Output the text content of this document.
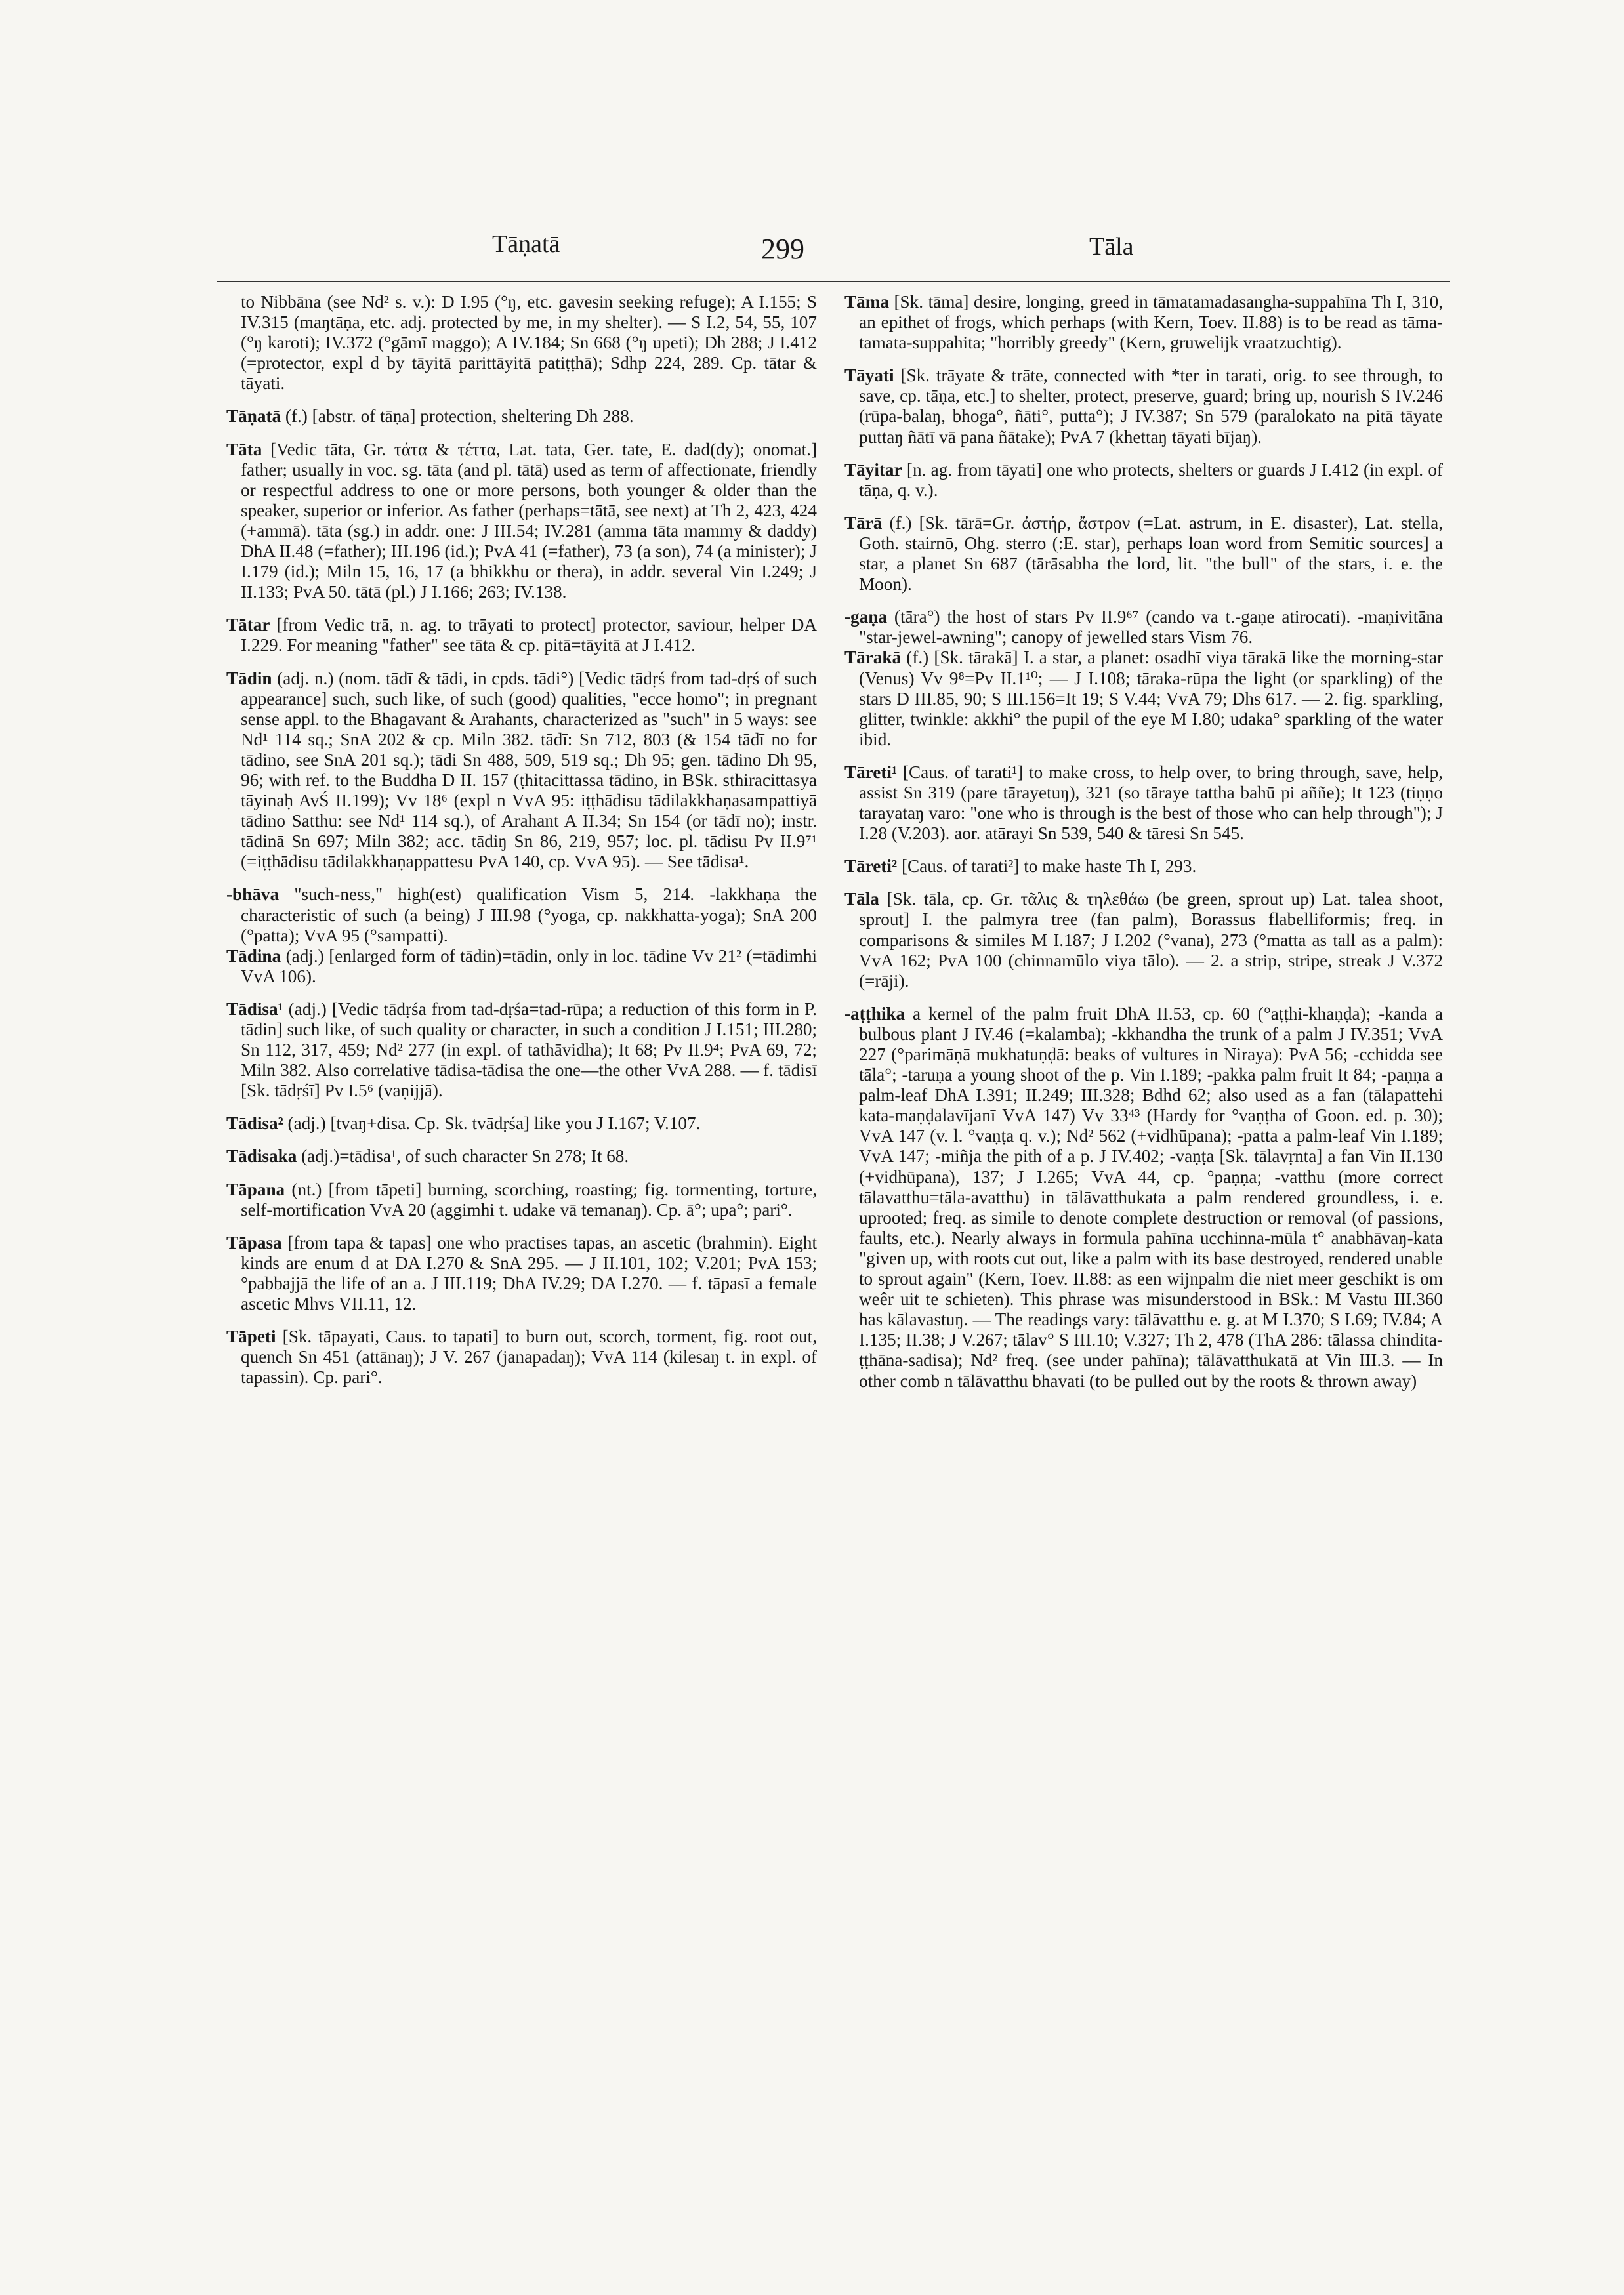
Tāṇatā	299	Tāla

to Nibbāna (see Nd² s. v.): D I.95 (°ŋ, etc. gavesin seeking refuge); A I.155; S IV.315 (maŋtāṇa, etc. adj. protected by me, in my shelter). — S I.2, 54, 55, 107 (°ŋ karoti); IV.372 (°gāmī maggo); A IV.184; Sn 668 (°ŋ upeti); Dh 288; J I.412 (=protector, expl d by tāyitā parittāyitā patiṭṭhā); Sdhp 224, 289. Cp. tātar & tāyati.

Tāṇatā (f.) [abstr. of tāṇa] protection, sheltering Dh 288.

Tāta [Vedic tāta, Gr. τάτα & τέττα, Lat. tata, Ger. tate, E. dad(dy); onomat.] father; usually in voc. sg. tāta (and pl. tātā) used as term of affectionate, friendly or respectful address to one or more persons, both younger & older than the speaker, superior or inferior. As father (perhaps=tātā, see next) at Th 2, 423, 424 (+ammā). tāta (sg.) in addr. one: J III.54; IV.281 (amma tāta mammy & daddy) DhA II.48 (=father); III.196 (id.); PvA 41 (=father), 73 (a son), 74 (a minister); J I.179 (id.); Miln 15, 16, 17 (a bhikkhu or thera), in addr. several Vin I.249; J II.133; PvA 50. tātā (pl.) J I.166; 263; IV.138.

Tātar [from Vedic trā, n. ag. to trāyati to protect] protector, saviour, helper DA I.229. For meaning "father" see tāta & cp. pitā=tāyitā at J I.412.

Tādin (adj. n.) (nom. tādī & tādi, in cpds. tādi°) [Vedic tādṛś from tad-dṛś of such appearance] such, such like, of such (good) qualities, "ecce homo"; in pregnant sense appl. to the Bhagavant & Arahants, characterized as "such" in 5 ways: see Nd¹ 114 sq.; SnA 202 & cp. Miln 382. tādī: Sn 712, 803 (& 154 tādī no for tādino, see SnA 201 sq.); tādi Sn 488, 509, 519 sq.; Dh 95; gen. tādino Dh 95, 96; with ref. to the Buddha D II. 157 (ṭhitacittassa tādino, in BSk. sthiracittasya tāyinaḥ AvŚ II.199); Vv 18⁶ (expl n VvA 95: iṭṭhādisu tādilakkhaṇasampattiyā tādino Satthu: see Nd¹ 114 sq.), of Arahant A II.34; Sn 154 (or tādī no); instr. tādinā Sn 697; Miln 382; acc. tādiŋ Sn 86, 219, 957; loc. pl. tādisu Pv II.9⁷¹ (=iṭṭhādisu tādilakkhaṇappattesu PvA 140, cp. VvA 95). — See tādisa¹.

-bhāva "such-ness," high(est) qualification Vism 5, 214. -lakkhaṇa the characteristic of such (a being) J III.98 (°yoga, cp. nakkhatta-yoga); SnA 200 (°patta); VvA 95 (°sampatti).

Tādina (adj.) [enlarged form of tādin)=tādin, only in loc. tādine Vv 21² (=tādimhi VvA 106).

Tādisa¹ (adj.) [Vedic tādṛśa from tad-dṛśa=tad-rūpa; a reduction of this form in P. tādin] such like, of such quality or character, in such a condition J I.151; III.280; Sn 112, 317, 459; Nd² 277 (in expl. of tathāvidha); It 68; Pv II.9⁴; PvA 69, 72; Miln 382. Also correlative tādisa-tādisa the one—the other VvA 288. — f. tādisī [Sk. tādṛśī] Pv I.5⁶ (vaṇijjā).

Tādisa² (adj.) [tvaŋ+disa. Cp. Sk. tvādṛśa] like you J I.167; V.107.

Tādisaka (adj.)=tādisa¹, of such character Sn 278; It 68.

Tāpana (nt.) [from tāpeti] burning, scorching, roasting; fig. tormenting, torture, self-mortification VvA 20 (aggimhi t. udake vā temanaŋ). Cp. ā°; upa°; pari°.

Tāpasa [from tapa & tapas] one who practises tapas, an ascetic (brahmin). Eight kinds are enum d at DA I.270 & SnA 295. — J II.101, 102; V.201; PvA 153; °pabbajjā the life of an a. J III.119; DhA IV.29; DA I.270. — f. tāpasī a female ascetic Mhvs VII.11, 12.

Tāpeti [Sk. tāpayati, Caus. to tapati] to burn out, scorch, torment, fig. root out, quench Sn 451 (attānaŋ); J V. 267 (janapadaŋ); VvA 114 (kilesaŋ t. in expl. of tapassin). Cp. pari°.

Tāma [Sk. tāma] desire, longing, greed in tāmatamadasangha-suppahīna Th I, 310, an epithet of frogs, which perhaps (with Kern, Toev. II.88) is to be read as tāma-tamata-suppahita; "horribly greedy" (Kern, gruwelijk vraatzuchtig).

Tāyati [Sk. trāyate & trāte, connected with *ter in tarati, orig. to see through, to save, cp. tāṇa, etc.] to shelter, protect, preserve, guard; bring up, nourish S IV.246 (rūpa-balaŋ, bhoga°, ñāti°, putta°); J IV.387; Sn 579 (paralokato na pitā tāyate puttaŋ ñātī vā pana ñātake); PvA 7 (khettaŋ tāyati bījaŋ).

Tāyitar [n. ag. from tāyati] one who protects, shelters or guards J I.412 (in expl. of tāṇa, q. v.).

Tārā (f.) [Sk. tārā=Gr. ἀστήρ, ἄστρον (=Lat. astrum, in E. disaster), Lat. stella, Goth. stairnō, Ohg. sterro (:E. star), perhaps loan word from Semitic sources] a star, a planet Sn 687 (tārāsabha the lord, lit. "the bull" of the stars, i. e. the Moon).

-gaṇa (tāra°) the host of stars Pv II.9⁶⁷ (cando va t.-gaṇe atirocati). -maṇivitāna "star-jewel-awning"; canopy of jewelled stars Vism 76.

Tārakā (f.) [Sk. tārakā] I. a star, a planet: osadhī viya tārakā like the morning-star (Venus) Vv 9⁸=Pv II.1¹⁰; — J I.108; tāraka-rūpa the light (or sparkling) of the stars D III.85, 90; S III.156=It 19; S V.44; VvA 79; Dhs 617. — 2. fig. sparkling, glitter, twinkle: akkhi° the pupil of the eye M I.80; udaka° sparkling of the water ibid.

Tāreti¹ [Caus. of tarati¹] to make cross, to help over, to bring through, save, help, assist Sn 319 (pare tārayetuŋ), 321 (so tāraye tattha bahū pi aññe); It 123 (tiṇṇo tarayataŋ varo: "one who is through is the best of those who can help through"); J I.28 (V.203). aor. atārayi Sn 539, 540 & tāresi Sn 545.

Tāreti² [Caus. of tarati²] to make haste Th I, 293.

Tāla [Sk. tāla, cp. Gr. τᾶλις & τηλεθάω (be green, sprout up) Lat. talea shoot, sprout] I. the palmyra tree (fan palm), Borassus flabelliformis; freq. in comparisons & similes M I.187; J I.202 (°vana), 273 (°matta as tall as a palm): VvA 162; PvA 100 (chinnamūlo viya tālo). — 2. a strip, stripe, streak J V.372 (=rāji).

-aṭṭhika a kernel of the palm fruit DhA II.53, cp. 60 (°aṭṭhi-khaṇḍa); -kanda a bulbous plant J IV.46 (=kalamba); -kkhandha the trunk of a palm J IV.351; VvA 227 (°parimāṇā mukhatuṇḍā: beaks of vultures in Niraya): PvA 56; -cchidda see tāla°; -taruṇa a young shoot of the p. Vin I.189; -pakka palm fruit It 84; -paṇṇa a palm-leaf DhA I.391; II.249; III.328; Bdhd 62; also used as a fan (tālapattehi kata-maṇḍalavījanī VvA 147) Vv 33⁴³ (Hardy for °vaṇṭha of Goon. ed. p. 30); VvA 147 (v. l. °vaṇṭa q. v.); Nd² 562 (+vidhūpana); -patta a palm-leaf Vin I.189; VvA 147; -miñja the pith of a p. J IV.402; -vaṇṭa [Sk. tālavṛnta] a fan Vin II.130 (+vidhūpana), 137; J I.265; VvA 44, cp. °paṇṇa; -vatthu (more correct tālavatthu=tāla-avatthu) in tālāvatthukata a palm rendered groundless, i. e. uprooted; freq. as simile to denote complete destruction or removal (of passions, faults, etc.). Nearly always in formula pahīna ucchinna-mūla t° anabhāvaŋ-kata "given up, with roots cut out, like a palm with its base destroyed, rendered unable to sprout again" (Kern, Toev. II.88: as een wijnpalm die niet meer geschikt is om weêr uit te schieten). This phrase was misunderstood in BSk.: M Vastu III.360 has kālavastuŋ. — The readings vary: tālāvatthu e. g. at M I.370; S I.69; IV.84; A I.135; II.38; J V.267; tālav° S III.10; V.327; Th 2, 478 (ThA 286: tālassa chindita-ṭṭhāna-sadisa); Nd² freq. (see under pahīna); tālāvatthukatā at Vin III.3. — In other comb n tālāvatthu bhavati (to be pulled out by the roots & thrown away)
